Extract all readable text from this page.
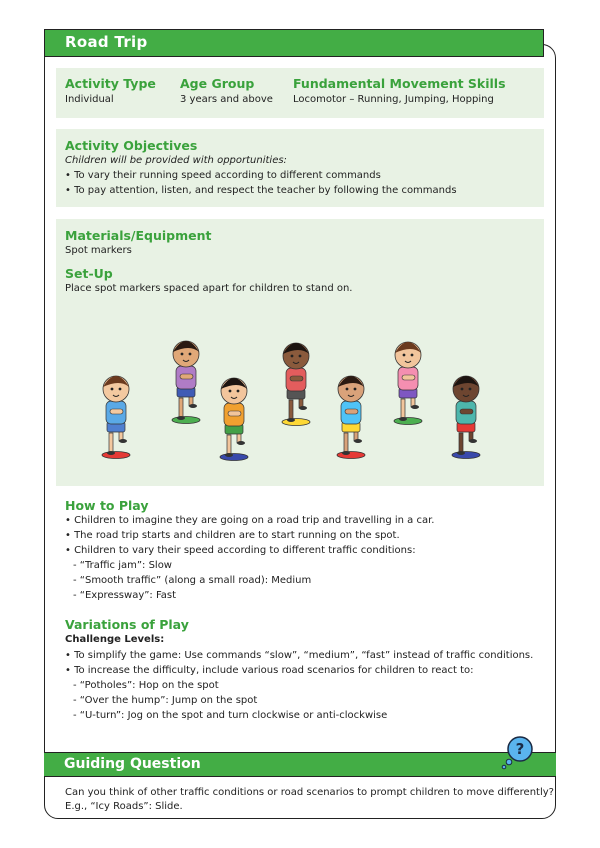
Road Trip
Activity Type
Individual
Age Group
3 years and above
Fundamental Movement Skills
Locomotor – Running, Jumping, Hopping
Activity Objectives
Children will be provided with opportunities:
• To vary their running speed according to different commands
• To pay attention, listen, and respect the teacher by following the commands
Materials/Equipment
Spot markers
Set-Up
Place spot markers spaced apart for children to stand on.
How to Play
• Children to imagine they are going on a road trip and travelling in a car.
• The road trip starts and children are to start running on the spot.
• Children to vary their speed according to different traffic conditions:
- “Traffic jam”: Slow
- “Smooth traffic” (along a small road): Medium
- “Expressway”: Fast
Variations of Play
Challenge Levels:
• To simplify the game: Use commands “slow”, “medium”, “fast” instead of traffic conditions.
• To increase the difficulty, include various road scenarios for children to react to:
- “Potholes”: Hop on the spot
- “Over the hump”: Jump on the spot
- “U-turn”: Jog on the spot and turn clockwise or anti-clockwise
Guiding Question
?
Can you think of other traffic conditions or road scenarios to prompt children to move differently?
E.g., “Icy Roads”: Slide.
